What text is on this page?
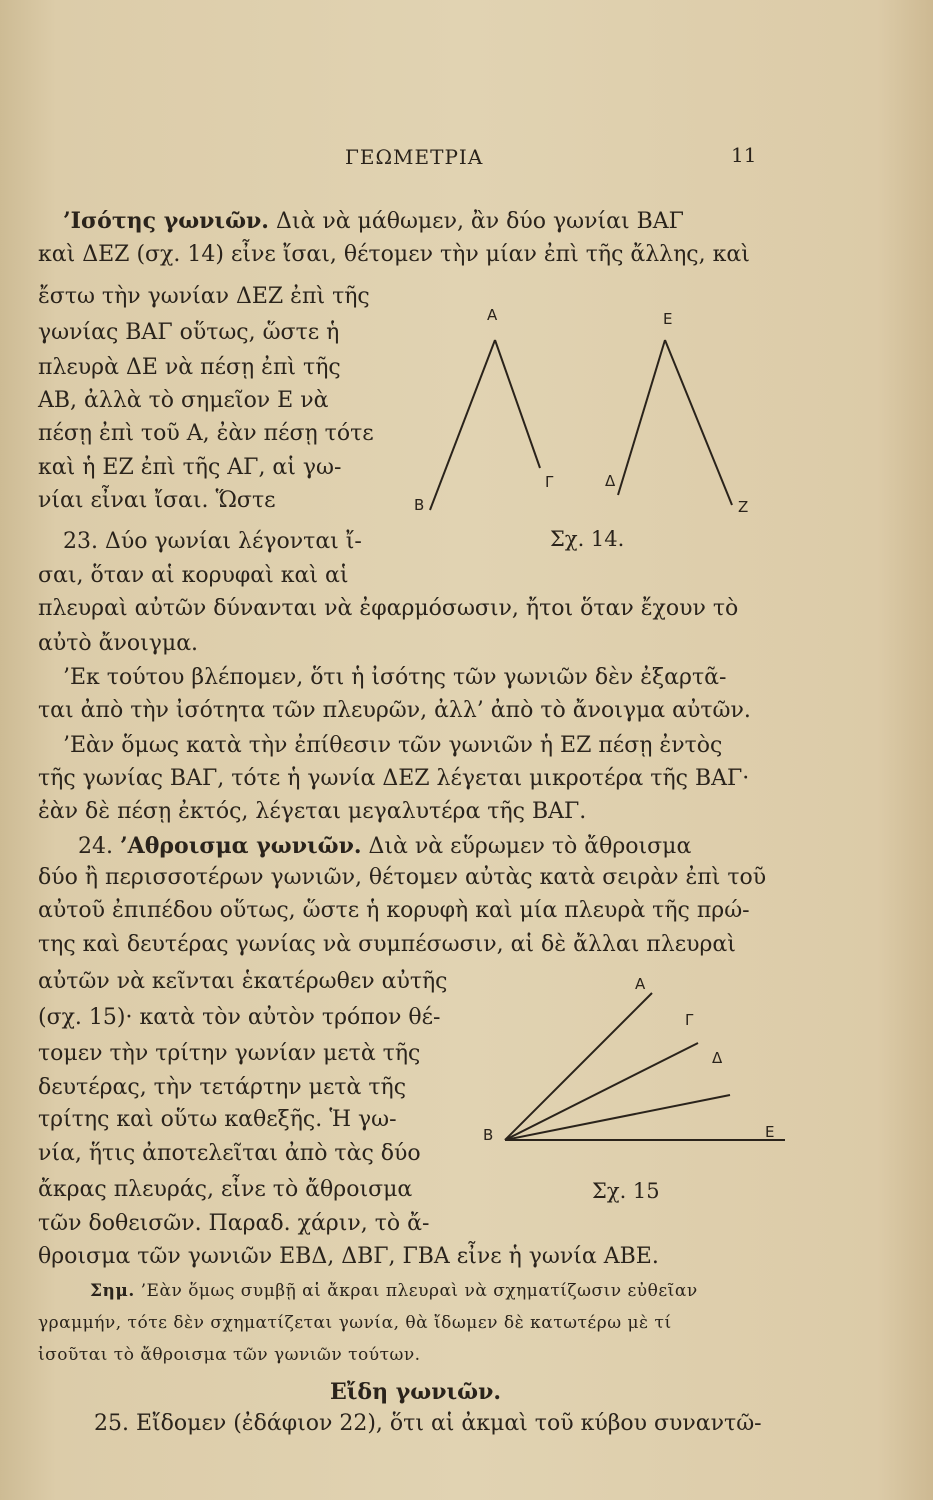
ΓΕΩΜΕΤΡΙΑ	11
’Ισότης γωνιῶν. Διὰ νὰ μάθωμεν, ἂν δύο γωνίαι ΒΑΓ
καὶ ΔΕΖ (σχ. 14) εἶνε ἴσαι, θέτομεν τὴν μίαν ἐπὶ τῆς ἄλλης, καὶ
ἔστω τὴν γωνίαν ΔΕΖ ἐπὶ τῆς
γωνίας ΒΑΓ οὕτως, ὥστε ἡ
πλευρὰ ΔΕ νὰ πέσῃ ἐπὶ τῆς
ΑΒ, ἀλλὰ τὸ σημεῖον Ε νὰ
πέσῃ ἐπὶ τοῦ Α, ἐὰν πέσῃ τότε
καὶ ἡ ΕΖ ἐπὶ τῆς ΑΓ, αἱ γω-
νίαι εἶναι ἴσαι. Ὥστε
23. Δύο γωνίαι λέγονται ἴ-
σαι, ὅταν αἱ κορυφαὶ καὶ αἱ
A	E
B
Γ	Δ
Ζ
Σχ. 14.
πλευραὶ αὐτῶν δύνανται νὰ ἐφαρμόσωσιν, ἤτοι ὅταν ἔχουν τὸ
αὐτὸ ἄνοιγμα.
’Εκ τούτου βλέπομεν, ὅτι ἡ ἰσότης τῶν γωνιῶν δὲν ἐξαρτᾶ-
ται ἀπὸ τὴν ἰσότητα τῶν πλευρῶν, ἀλλ’ ἀπὸ τὸ ἄνοιγμα αὐτῶν.
’Εὰν ὅμως κατὰ τὴν ἐπίθεσιν τῶν γωνιῶν ἡ ΕΖ πέσῃ ἐντὸς
τῆς γωνίας ΒΑΓ, τότε ἡ γωνία ΔΕΖ λέγεται μικροτέρα τῆς ΒΑΓ·
ἐὰν δὲ πέσῃ ἐκτός, λέγεται μεγαλυτέρα τῆς ΒΑΓ.
24. ’Αθροισμα γωνιῶν. Διὰ νὰ εὕρωμεν τὸ ἄθροισμα
δύο ἢ περισσοτέρων γωνιῶν, θέτομεν αὐτὰς κατὰ σειρὰν ἐπὶ τοῦ
αὐτοῦ ἐπιπέδου οὕτως, ὥστε ἡ κορυφὴ καὶ μία πλευρὰ τῆς πρώ-
της καὶ δευτέρας γωνίας νὰ συμπέσωσιν, αἱ δὲ ἄλλαι πλευραὶ
αὐτῶν νὰ κεῖνται ἑκατέρωθεν αὐτῆς
(σχ. 15)· κατὰ τὸν αὐτὸν τρόπον θέ-
τομεν τὴν τρίτην γωνίαν μετὰ τῆς
δευτέρας, τὴν τετάρτην μετὰ τῆς
τρίτης καὶ οὕτω καθεξῆς. Ἡ γω-
νία, ἥτις ἀποτελεῖται ἀπὸ τὰς δύο
ἄκρας πλευράς, εἶνε τὸ ἄθροισμα
τῶν δοθεισῶν. Παραδ. χάριν, τὸ ἄ-
A
Γ
Δ
B	E
Σχ. 15
θροισμα τῶν γωνιῶν ΕΒΔ, ΔΒΓ, ΓΒΑ εἶνε ἡ γωνία ΑΒΕ.
Σημ. ’Εὰν ὅμως συμβῇ αἱ ἄκραι πλευραὶ νὰ σχηματίζωσιν εὐθεῖαν
γραμμήν, τότε δὲν σχηματίζεται γωνία, θὰ ἴδωμεν δὲ κατωτέρω μὲ τί
ἰσοῦται τὸ ἄθροισμα τῶν γωνιῶν τούτων.
Εἴδη γωνιῶν.
25. Εἴδομεν (ἐδάφιον 22), ὅτι αἱ ἀκμαὶ τοῦ κύβου συναντῶ-
